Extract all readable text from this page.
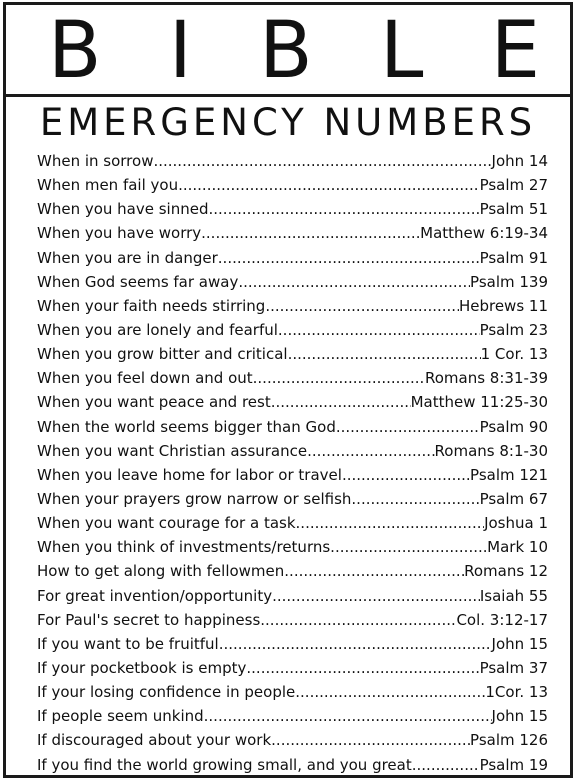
B I B L E
EMERGENCY NUMBERS
When in sorrow .....	John 14
When men fail you .....	Psalm 27
When you have sinned .....	Psalm 51
When you have worry .....	Matthew 6:19-34
When you are in danger .....	Psalm 91
When God seems far away .....	Psalm 139
When your faith needs stirring .....	Hebrews 11
When you are lonely and fearful .....	Psalm 23
When you grow bitter and critical .....	1 Cor. 13
When you feel down and out .....	Romans 8:31-39
When you want peace and rest .....	Matthew 11:25-30
When the world seems bigger than God .....	Psalm 90
When you want Christian assurance .....	Romans 8:1-30
When you leave home for labor or travel .....	Psalm 121
When your prayers grow narrow or selfish .....	Psalm 67
When you want courage for a task .....	Joshua 1
When you think of investments/returns .....	Mark 10
How to get along with fellowmen .....	Romans 12
For great invention/opportunity .....	Isaiah 55
For Paul's secret to happiness .....	Col. 3:12-17
If you want to be fruitful .....	John 15
If your pocketbook is empty .....	Psalm 37
If your losing confidence in people .....	1Cor. 13
If people seem unkind .....	John 15
If discouraged about your work .....	Psalm 126
If you find the world growing small, and you great .....	Psalm 19
